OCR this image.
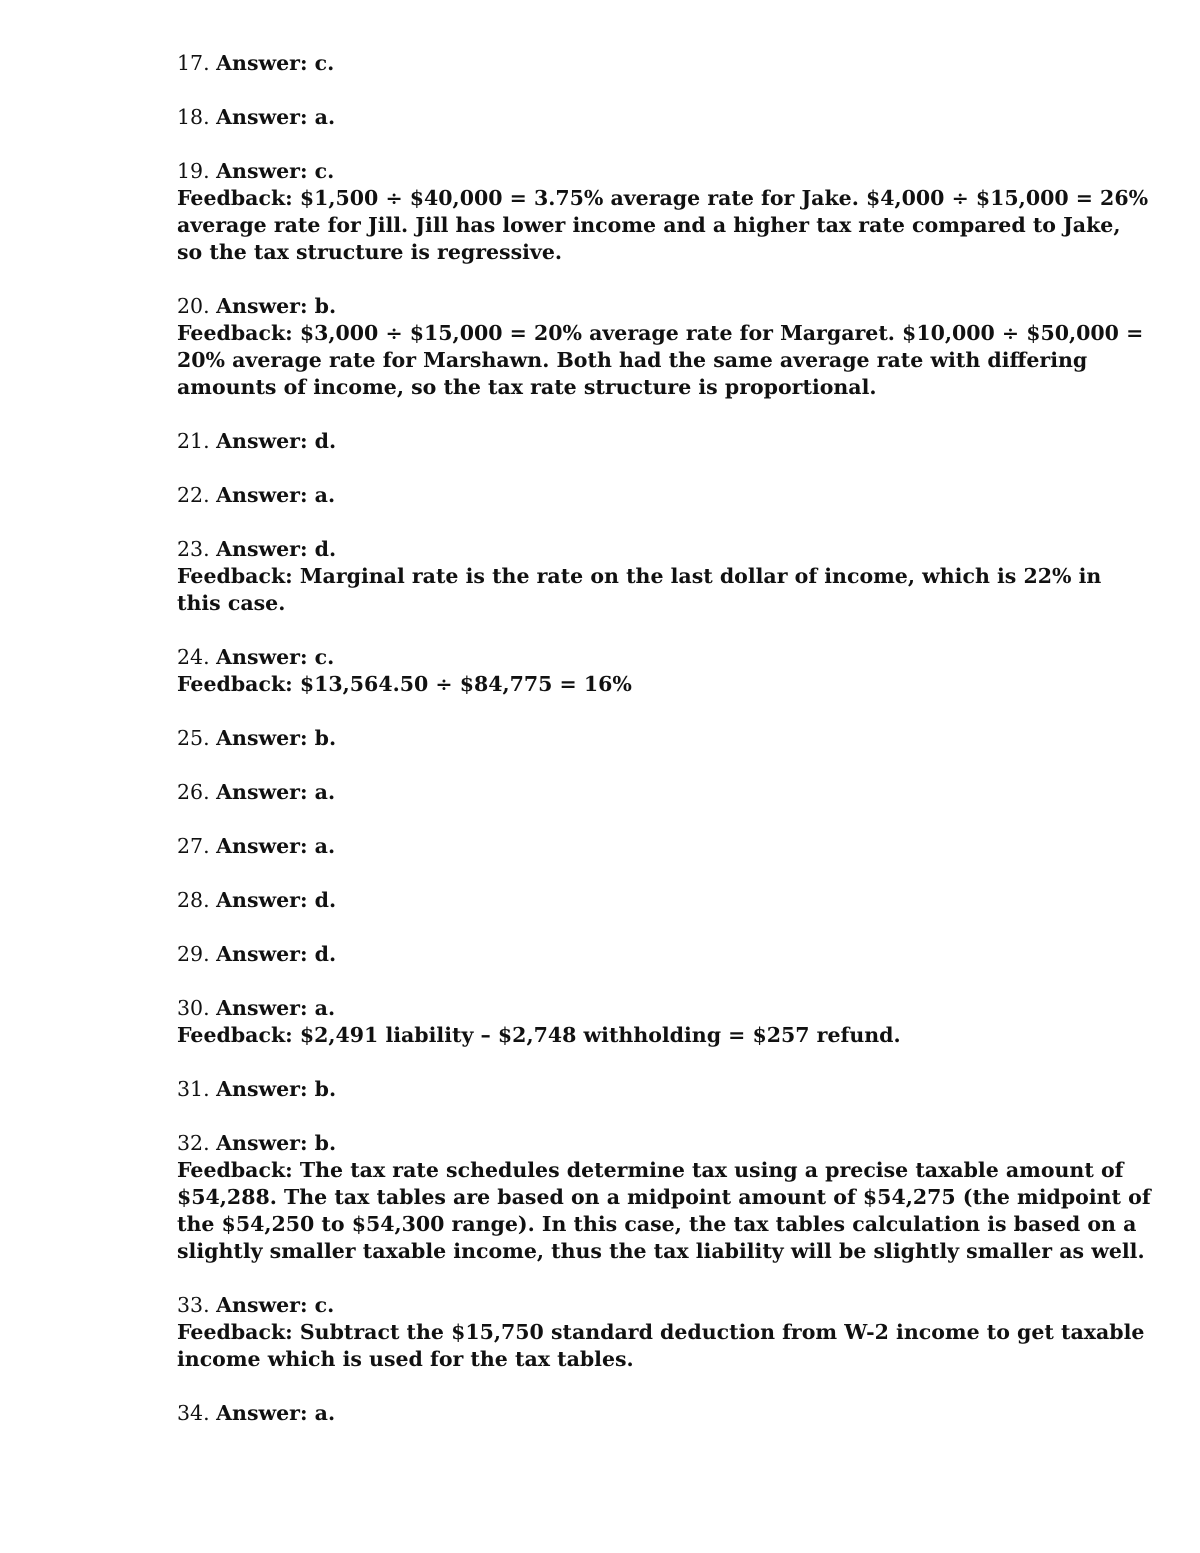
17. Answer: c.
18. Answer: a.
19. Answer: c.
Feedback: $1,500 ÷ $40,000 = 3.75% average rate for Jake. $4,000 ÷ $15,000 = 26%
average rate for Jill. Jill has lower income and a higher tax rate compared to Jake,
so the tax structure is regressive.
20. Answer: b.
Feedback: $3,000 ÷ $15,000 = 20% average rate for Margaret. $10,000 ÷ $50,000 =
20% average rate for Marshawn. Both had the same average rate with differing
amounts of income, so the tax rate structure is proportional.
21. Answer: d.
22. Answer: a.
23. Answer: d.
Feedback: Marginal rate is the rate on the last dollar of income, which is 22% in
this case.
24. Answer: c.
Feedback: $13,564.50 ÷ $84,775 = 16%
25. Answer: b.
26. Answer: a.
27. Answer: a.
28. Answer: d.
29. Answer: d.
30. Answer: a.
Feedback: $2,491 liability – $2,748 withholding = $257 refund.
31. Answer: b.
32. Answer: b.
Feedback: The tax rate schedules determine tax using a precise taxable amount of
$54,288. The tax tables are based on a midpoint amount of $54,275 (the midpoint of
the $54,250 to $54,300 range). In this case, the tax tables calculation is based on a
slightly smaller taxable income, thus the tax liability will be slightly smaller as well.
33. Answer: c.
Feedback: Subtract the $15,750 standard deduction from W-2 income to get taxable
income which is used for the tax tables.
34. Answer: a.
